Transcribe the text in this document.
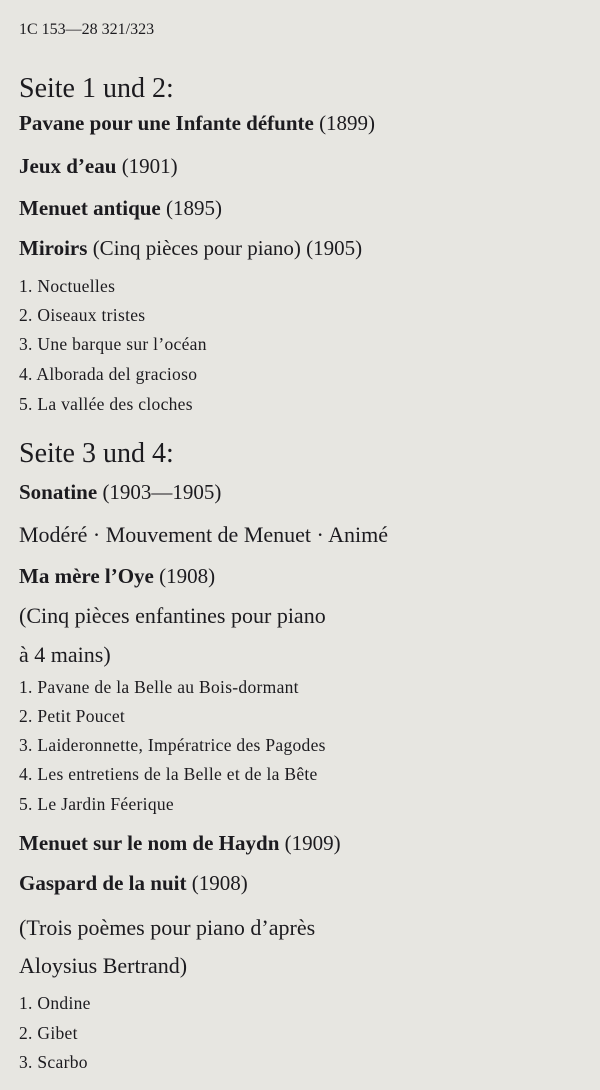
1C 153—28 321/323
Seite 1 und 2:
Pavane pour une Infante défunte (1899)
Jeux d’eau (1901)
Menuet antique (1895)
Miroirs (Cinq pièces pour piano) (1905)
1. Noctuelles
2. Oiseaux tristes
3. Une barque sur l’océan
4. Alborada del gracioso
5. La vallée des cloches
Seite 3 und 4:
Sonatine (1903—1905)
Modéré · Mouvement de Menuet · Animé
Ma mère l’Oye (1908)
(Cinq pièces enfantines pour piano
à 4 mains)
1. Pavane de la Belle au Bois-dormant
2. Petit Poucet
3. Laideronnette, Impératrice des Pagodes
4. Les entretiens de la Belle et de la Bête
5. Le Jardin Féerique
Menuet sur le nom de Haydn (1909)
Gaspard de la nuit (1908)
(Trois poèmes pour piano d’après
Aloysius Bertrand)
1. Ondine
2. Gibet
3. Scarbo
